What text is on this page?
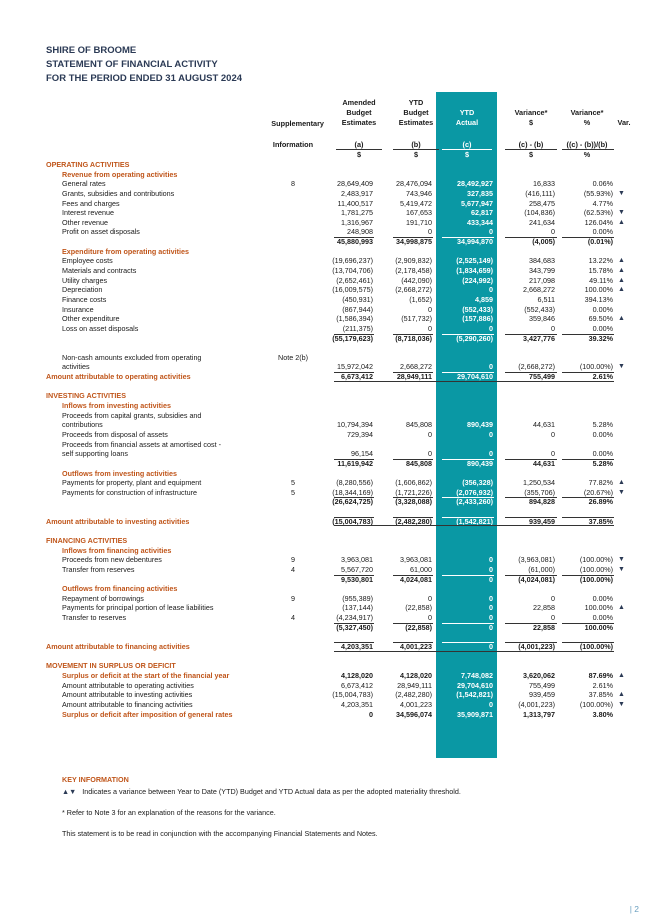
SHIRE OF BROOME
STATEMENT OF FINANCIAL ACTIVITY
FOR THE PERIOD ENDED 31 AUGUST 2024
Supplementary
Information
Amended
Budget
Estimates
YTD
Budget
Estimates
YTD
Actual
Variance*
$
Variance*
%	Var.
(a)	(b)	(c)	(c) - (b)	((c) - (b))/(b)
$	$	$	$	%
OPERATING ACTIVITIES
Revenue from operating activities
General rates	8	28,649,409	28,476,094	28,492,927	16,833	0.06%
Grants, subsidies and contributions	2,483,917	743,946	327,835	(416,111)	(55.93%) ▼
Fees and charges	11,400,517	5,419,472	5,677,947	258,475	4.77%
Interest revenue	1,781,275	167,653	62,817	(104,836)	(62.53%) ▼
Other revenue	1,316,967	191,710	433,344	241,634	126.04% ▲
Profit on asset disposals	248,908	0	0	0	0.00%
45,880,993	34,998,875	34,994,870	(4,005)	(0.01%)
Expenditure from operating activities
Employee costs	(19,696,237)	(2,909,832)	(2,525,149)	384,683	13.22% ▲
Materials and contracts	(13,704,706)	(2,178,458)	(1,834,659)	343,799	15.78% ▲
Utility charges	(2,652,461)	(442,090)	(224,992)	217,098	49.11% ▲
Depreciation	(16,009,575)	(2,668,272)	0	2,668,272	100.00% ▲
Finance costs	(450,931)	(1,652)	4,859	6,511	394.13%
Insurance	(867,944)	0	(552,433)	(552,433)	0.00%
Other expenditure	(1,586,394)	(517,732)	(157,886)	359,846	69.50% ▲
Loss on asset disposals	(211,375)	0	0	0	0.00%
(55,179,623)	(8,718,036)	(5,290,260)	3,427,776	39.32%
Non-cash amounts excluded from operating	Note 2(b)
activities	15,972,042	2,668,272	0	(2,668,272)	(100.00%) ▼
Amount attributable to operating activities	6,673,412	28,949,111	29,704,610	755,499	2.61%
INVESTING ACTIVITIES
Inflows from investing activities
Proceeds from capital grants, subsidies and
contributions	10,794,394	845,808	890,439	44,631	5.28%
Proceeds from disposal of assets	729,394	0	0	0	0.00%
Proceeds from financial assets at amortised cost -
self supporting loans	96,154	0	0	0	0.00%
11,619,942	845,808	890,439	44,631	5.28%
Outflows from investing activities
Payments for property, plant and equipment	5	(8,280,556)	(1,606,862)	(356,328)	1,250,534	77.82% ▲
Payments for construction of infrastructure	5	(18,344,169)	(1,721,226)	(2,076,932)	(355,706)	(20.67%) ▼
(26,624,725)	(3,328,088)	(2,433,260)	894,828	26.89%
Amount attributable to investing activities	(15,004,783)	(2,482,280)	(1,542,821)	939,459	37.85%
FINANCING ACTIVITIES
Inflows from financing activities
Proceeds from new debentures	9	3,963,081	3,963,081	0	(3,963,081)	(100.00%) ▼
Transfer from reserves	4	5,567,720	61,000	0	(61,000)	(100.00%) ▼
9,530,801	4,024,081	0	(4,024,081)	(100.00%)
Outflows from financing activities
Repayment of borrowings	9	(955,389)	0	0	0	0.00%
Payments for principal portion of lease liabilities	(137,144)	(22,858)	0	22,858	100.00% ▲
Transfer to reserves	4	(4,234,917)	0	0	0	0.00%
(5,327,450)	(22,858)	0	22,858	100.00%
Amount attributable to financing activities	4,203,351	4,001,223	0	(4,001,223)	(100.00%)
MOVEMENT IN SURPLUS OR DEFICIT
Surplus or deficit at the start of the financial year	4,128,020	4,128,020	7,748,082	3,620,062	87.69% ▲
Amount attributable to operating activities	6,673,412	28,949,111	29,704,610	755,499	2.61%
Amount attributable to investing activities	(15,004,783)	(2,482,280)	(1,542,821)	939,459	37.85% ▲
Amount attributable to financing activities	4,203,351	4,001,223	0	(4,001,223)	(100.00%) ▼
Surplus or deficit after imposition of general rates	0	34,596,074	35,909,871	1,313,797	3.80%
KEY INFORMATION
▲▼ Indicates a variance between Year to Date (YTD) Budget and YTD Actual data as per the adopted materiality threshold.
* Refer to Note 3 for an explanation of the reasons for the variance.
This statement is to be read in conjunction with the accompanying Financial Statements and Notes.
| 2
